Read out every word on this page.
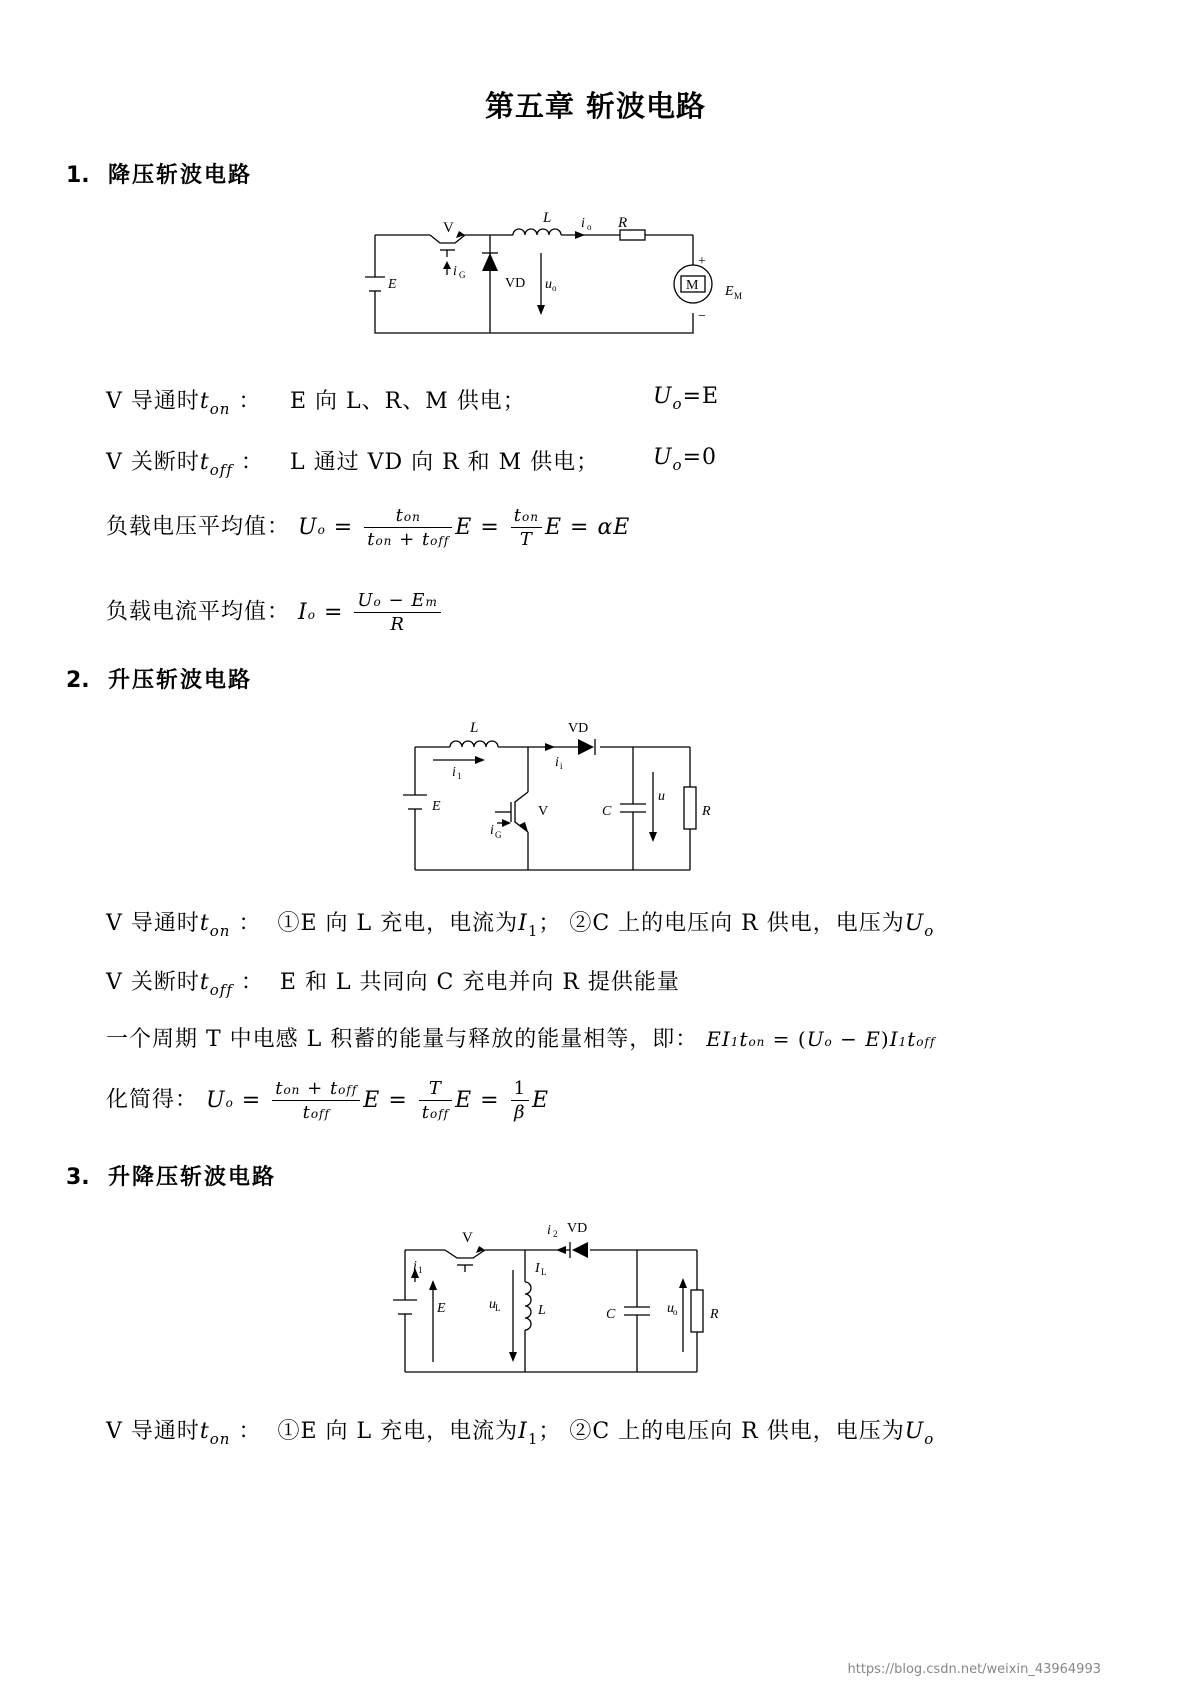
第五章 斩波电路
1. 降压斩波电路
V
i G
L i o R
VD u o
E	M E M
+
−
V 导通时$t_{on}$ ： E 向 L、R、M 供电；	$U_o=E$
V 关断时$t_{off}$ ： L 通过 VD 向 R 和 M 供电； $U_o=0$
负载电压平均值： $Uo = \frac{\text{ton}}{\text{ton + toff}}$ $E = \frac{\text{ton}}{T}$ E = αE
负载电流平均值： $Io = \frac{Uo - Em}{R}$
2. 升压斩波电路
L
i 1
VD
i i
E
i G
V	C
u
R
V 导通时$t_{on}$ ： ①E 向 L 充电，电流为$I_1$； ②C 上的电压向 R 供电，电压为$U_o$
V 关断时$t_{off}$ ： E 和 L 共同向 C 充电并向 R 提供能量
一个周期 T 中电感 L 积蓄的能量与释放的能量相等，即： EI1ton = (Uo − E)I1toff
化简得： $Uo = \frac{\text{ton + toff}}{\text{toff}}$ $E = \frac{T}{\text{toff}}$ $E = \frac{1}{\beta}$ E
3. 升降压斩波电路
V	i 2 VD
i 1	I L
E	u L	L	C	u o R
V 导通时$t_{on}$ ： ①E 向 L 充电，电流为$I_1$； ②C 上的电压向 R 供电，电压为$U_o$
https://blog.csdn.net/weixin_43964993
